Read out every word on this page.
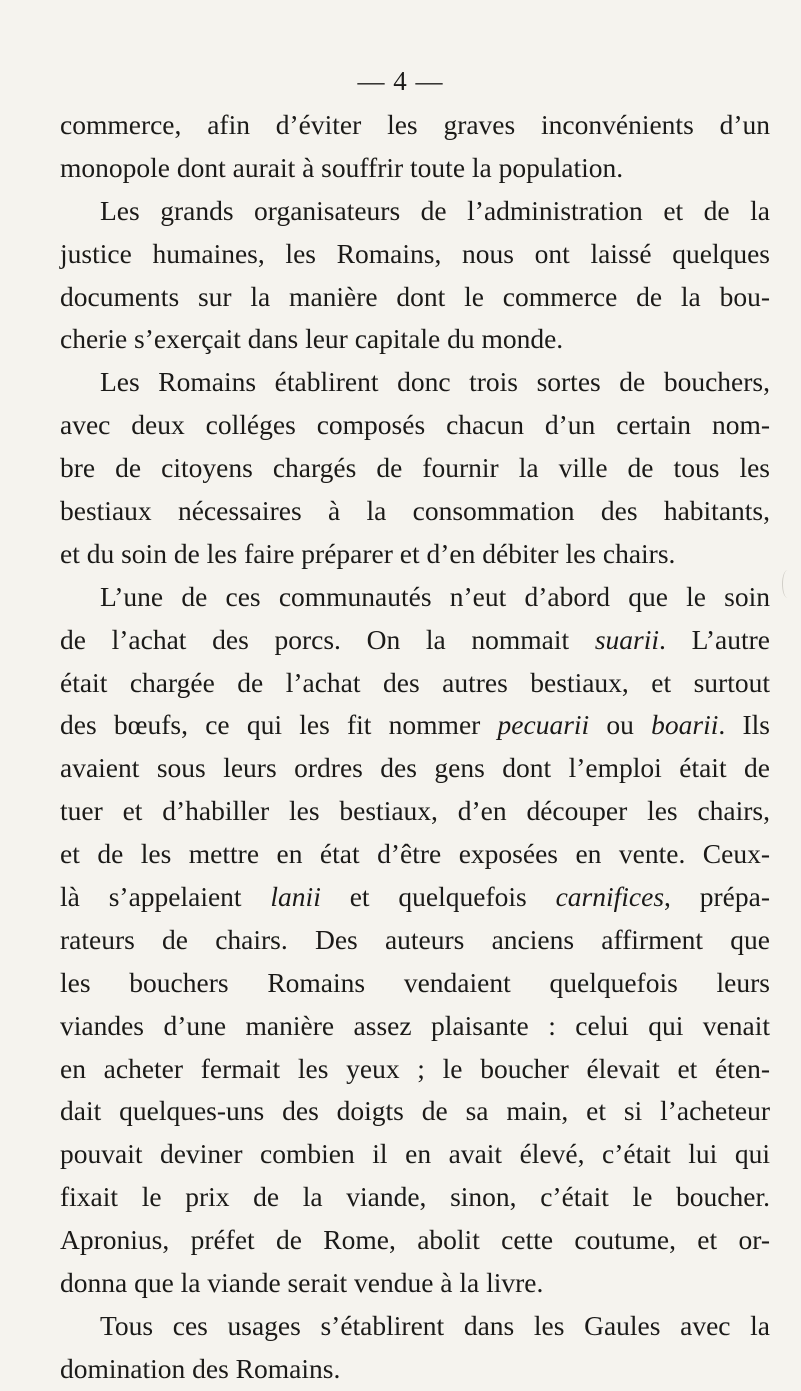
— 4 —
commerce, afin d’éviter les graves inconvénients d’un
monopole dont aurait à souffrir toute la population.
Les grands organisateurs de l’administration et de la
justice humaines, les Romains, nous ont laissé quelques
documents sur la manière dont le commerce de la bou-
cherie s’exerçait dans leur capitale du monde.
Les Romains établirent donc trois sortes de bouchers,
avec deux colléges composés chacun d’un certain nom-
bre de citoyens chargés de fournir la ville de tous les
bestiaux nécessaires à la consommation des habitants,
et du soin de les faire préparer et d’en débiter les chairs.
L’une de ces communautés n’eut d’abord que le soin
de l’achat des porcs. On la nommait suarii. L’autre
était chargée de l’achat des autres bestiaux, et surtout
des bœufs, ce qui les fit nommer pecuarii ou boarii. Ils
avaient sous leurs ordres des gens dont l’emploi était de
tuer et d’habiller les bestiaux, d’en découper les chairs,
et de les mettre en état d’être exposées en vente. Ceux-
là s’appelaient lanii et quelquefois carnifices, prépa-
rateurs de chairs. Des auteurs anciens affirment que
les bouchers Romains vendaient quelquefois leurs
viandes d’une manière assez plaisante : celui qui venait
en acheter fermait les yeux ; le boucher élevait et éten-
dait quelques-uns des doigts de sa main, et si l’acheteur
pouvait deviner combien il en avait élevé, c’était lui qui
fixait le prix de la viande, sinon, c’était le boucher.
Apronius, préfet de Rome, abolit cette coutume, et or-
donna que la viande serait vendue à la livre.
Tous ces usages s’établirent dans les Gaules avec la
domination des Romains.
